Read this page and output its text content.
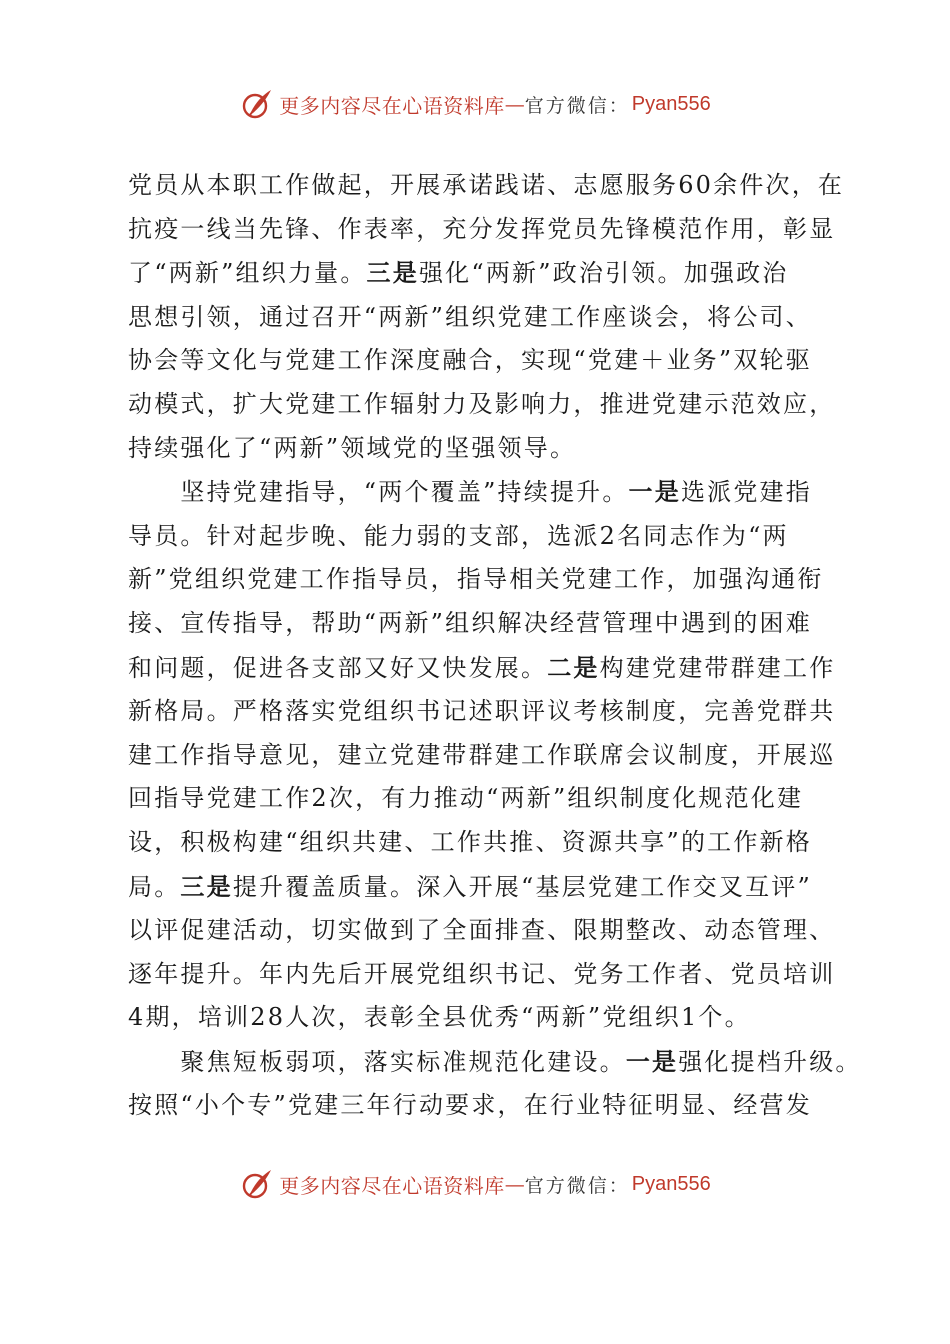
更多内容尽在心语资料库 — 官方微信： Pyan556
党员从本职工作做起，开展承诺践诺、志愿服务60余件次，在
抗疫一线当先锋、作表率，充分发挥党员先锋模范作用，彰显
了“两新”组织力量。三是强化“两新”政治引领。加强政治
思想引领，通过召开“两新”组织党建工作座谈会，将公司、
协会等文化与党建工作深度融合，实现“党建＋业务”双轮驱
动模式，扩大党建工作辐射力及影响力，推进党建示范效应，
持续强化了“两新”领域党的坚强领导。
　　坚持党建指导，“两个覆盖”持续提升。一是选派党建指
导员。针对起步晚、能力弱的支部，选派2名同志作为“两
新”党组织党建工作指导员，指导相关党建工作，加强沟通衔
接、宣传指导，帮助“两新”组织解决经营管理中遇到的困难
和问题，促进各支部又好又快发展。二是构建党建带群建工作
新格局。严格落实党组织书记述职评议考核制度，完善党群共
建工作指导意见，建立党建带群建工作联席会议制度，开展巡
回指导党建工作2次，有力推动“两新”组织制度化规范化建
设，积极构建“组织共建、工作共推、资源共享”的工作新格
局。三是提升覆盖质量。深入开展“基层党建工作交叉互评”
以评促建活动，切实做到了全面排查、限期整改、动态管理、
逐年提升。年内先后开展党组织书记、党务工作者、党员培训
4期，培训28人次，表彰全县优秀“两新”党组织1个。
　　聚焦短板弱项，落实标准规范化建设。一是强化提档升级。
按照“小个专”党建三年行动要求，在行业特征明显、经营发
更多内容尽在心语资料库 — 官方微信： Pyan556
